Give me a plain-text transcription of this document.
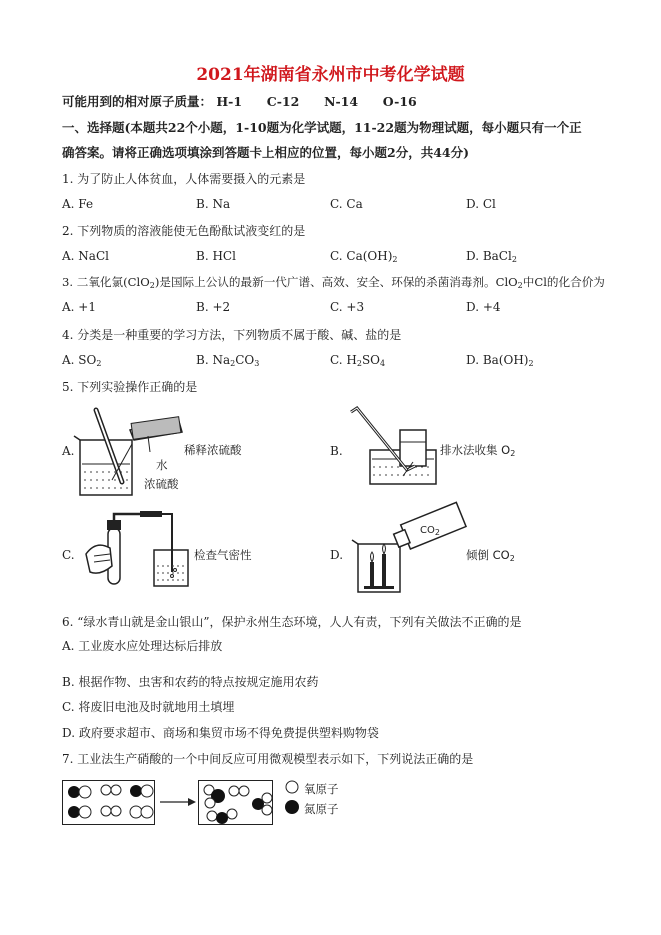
2021年湖南省永州市中考化学试题
可能用到的相对原子质量： H-1 C-12 N-14 O-16
一、选择题(本题共22个小题，1-10题为化学试题，11-22题为物理试题，每小题只有一个正
确答案。请将正确选项填涂到答题卡上相应的位置，每小题2分，共44分)
1. 为了防止人体贫血，人体需要摄入的元素是
A. Fe	B. Na	C. Ca	D. Cl
2. 下列物质的溶液能使无色酚酞试液变红的是
A. NaCl	B. HCl	C. $Ca(OH)_2$	D. BaCl$_2$
3. 二氧化氯(ClO$_2$)是国际上公认的最新一代广谱、高效、安全、环保的杀菌消毒剂。ClO$_2$中Cl的化合价为
A. +1	B. +2	C. +3	D. +4
4. 分类是一种重要的学习方法，下列物质不属于酸、碱、盐的是
A. $SO_2$	B. $Na_2CO_3$	C. $H_2SO_4$	D. $Ba(OH)_2$
5. 下列实验操作正确的是
A.	稀释浓硫酸
水
浓硫酸
B.	排水法收集 $O_2$
C.	检查气密性	D.
$CO_2$
倾倒 $CO_2$
6. “绿水青山就是金山银山”，保护永州生态环境，人人有责，下列有关做法不正确的是
A. 工业废水应处理达标后排放
B. 根据作物、虫害和农药的特点按规定施用农药
C. 将废旧电池及时就地用土填埋
D. 政府要求超市、商场和集贸市场不得免费提供塑料购物袋
7. 工业法生产硝酸的一个中间反应可用微观模型表示如下，下列说法正确的是
氧原子
氮原子
